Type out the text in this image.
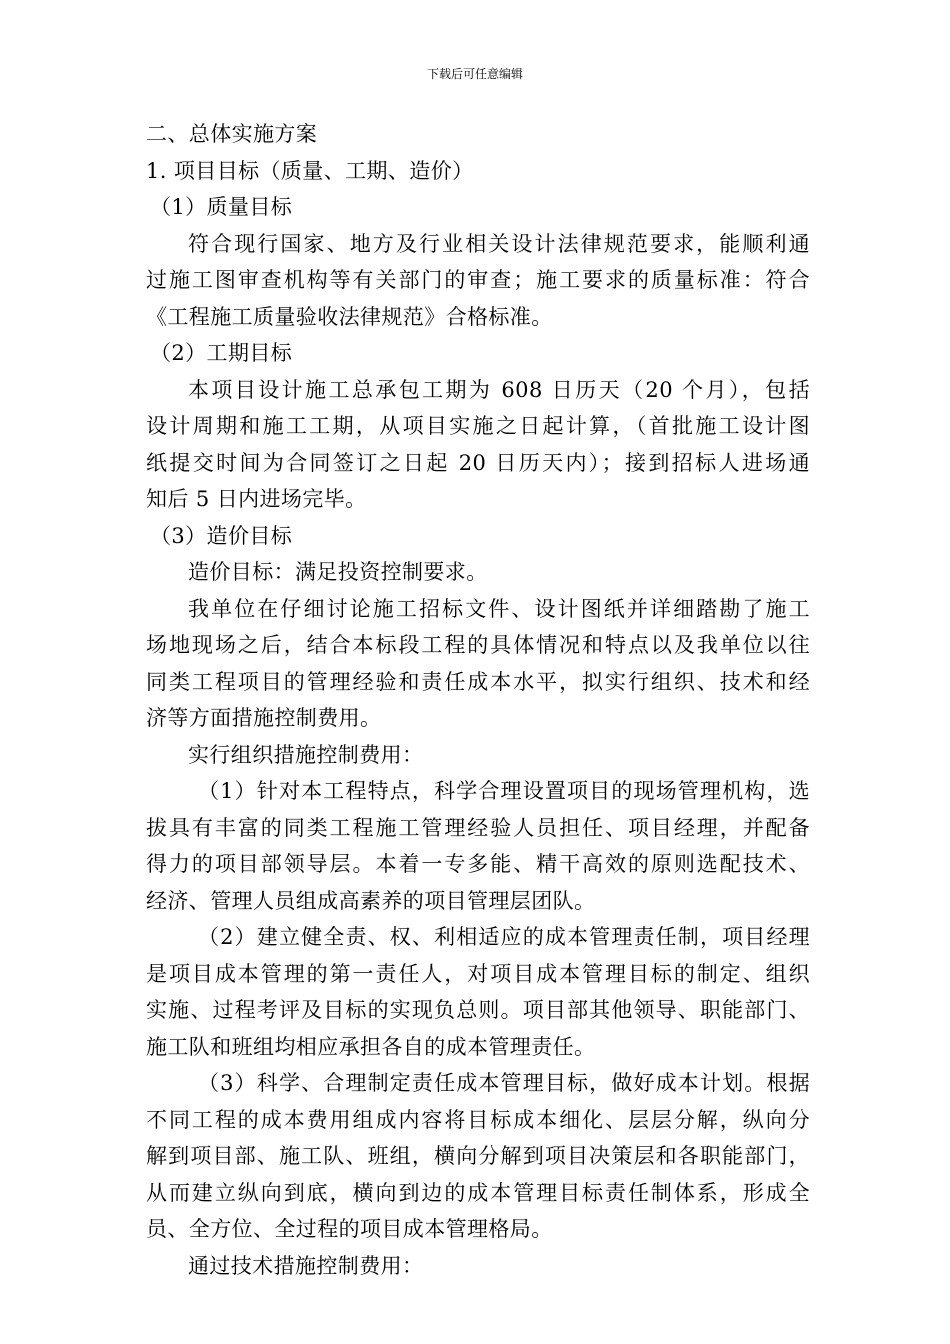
下载后可任意编辑
二、总体实施方案
1. 项目目标（质量、工期、造价）
（1）质量目标
符合现行国家、地方及行业相关设计法律规范要求，能顺利通
过施工图审查机构等有关部门的审查；施工要求的质量标准：符合
《工程施工质量验收法律规范》合格标准。
（2）工期目标
本项目设计施工总承包工期为 608 日历天（20 个月），包括
设计周期和施工工期，从项目实施之日起计算，（首批施工设计图
纸提交时间为合同签订之日起 20 日历天内）；接到招标人进场通
知后 5 日内进场完毕。
（3）造价目标
造价目标：满足投资控制要求。
我单位在仔细讨论施工招标文件、设计图纸并详细踏勘了施工
场地现场之后，结合本标段工程的具体情况和特点以及我单位以往
同类工程项目的管理经验和责任成本水平，拟实行组织、技术和经
济等方面措施控制费用。
实行组织措施控制费用：
（1）针对本工程特点，科学合理设置项目的现场管理机构，选
拔具有丰富的同类工程施工管理经验人员担任、项目经理，并配备
得力的项目部领导层。本着一专多能、精干高效的原则选配技术、
经济、管理人员组成高素养的项目管理层团队。
（2）建立健全责、权、利相适应的成本管理责任制，项目经理
是项目成本管理的第一责任人，对项目成本管理目标的制定、组织
实施、过程考评及目标的实现负总则。项目部其他领导、职能部门、
施工队和班组均相应承担各自的成本管理责任。
（3）科学、合理制定责任成本管理目标，做好成本计划。根据
不同工程的成本费用组成内容将目标成本细化、层层分解，纵向分
解到项目部、施工队、班组，横向分解到项目决策层和各职能部门，
从而建立纵向到底，横向到边的成本管理目标责任制体系，形成全
员、全方位、全过程的项目成本管理格局。
通过技术措施控制费用：
